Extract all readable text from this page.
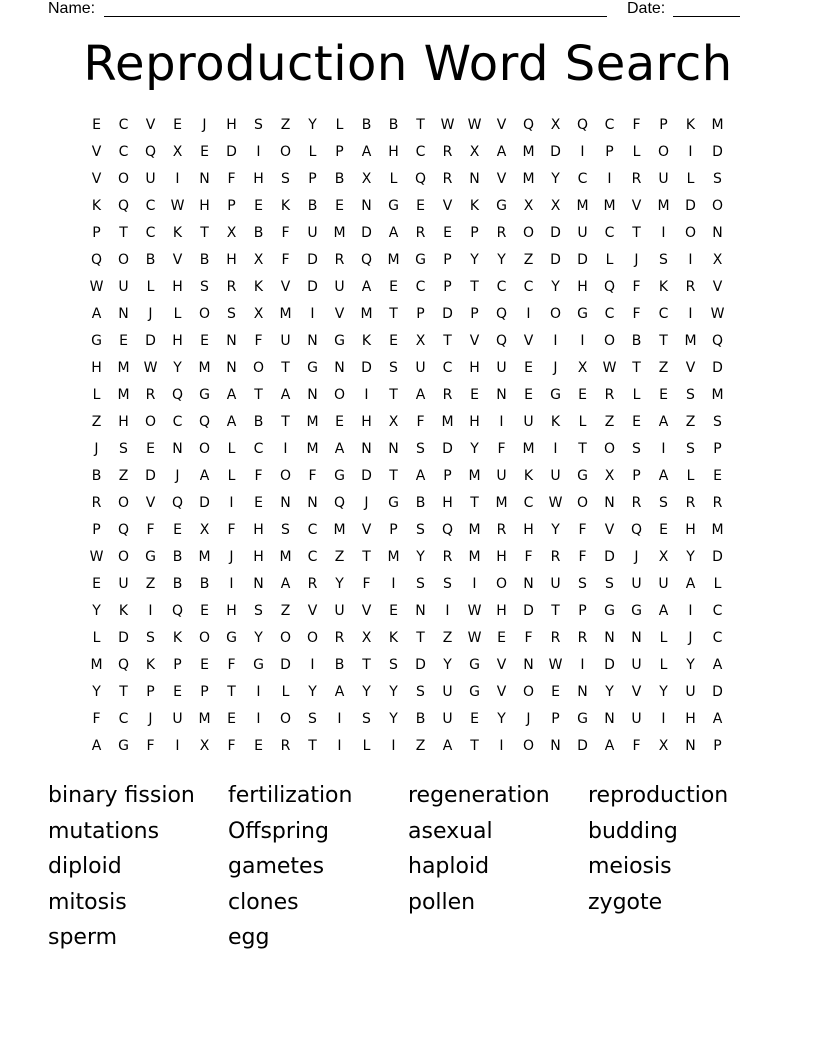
Name:	Date:
Reproduction Word Search
E	C	V	E	J	H	S	Z	Y	L	B	B	T	W	W	V	Q	X	Q	C	F	P	K	M
V	C	Q	X	E	D	I	O	L	P	A	H	C	R	X	A	M	D	I	P	L	O	I	D
V	O	U	I	N	F	H	S	P	B	X	L	Q	R	N	V	M	Y	C	I	R	U	L	S
K	Q	C	W	H	P	E	K	B	E	N	G	E	V	K	G	X	X	M	M	V	M	D	O
P	T	C	K	T	X	B	F	U	M	D	A	R	E	P	R	O	D	U	C	T	I	O	N
Q	O	B	V	B	H	X	F	D	R	Q	M	G	P	Y	Y	Z	D	D	L	J	S	I	X
W	U	L	H	S	R	K	V	D	U	A	E	C	P	T	C	C	Y	H	Q	F	K	R	V
A	N	J	L	O	S	X	M	I	V	M	T	P	D	P	Q	I	O	G	C	F	C	I	W
G	E	D	H	E	N	F	U	N	G	K	E	X	T	V	Q	V	I	I	O	B	T	M	Q
H	M	W	Y	M	N	O	T	G	N	D	S	U	C	H	U	E	J	X	W	T	Z	V	D
L	M	R	Q	G	A	T	A	N	O	I	T	A	R	E	N	E	G	E	R	L	E	S	M
Z	H	O	C	Q	A	B	T	M	E	H	X	F	M	H	I	U	K	L	Z	E	A	Z	S
J	S	E	N	O	L	C	I	M	A	N	N	S	D	Y	F	M	I	T	O	S	I	S	P
B	Z	D	J	A	L	F	O	F	G	D	T	A	P	M	U	K	U	G	X	P	A	L	E
R	O	V	Q	D	I	E	N	N	Q	J	G	B	H	T	M	C	W	O	N	R	S	R	R
P	Q	F	E	X	F	H	S	C	M	V	P	S	Q	M	R	H	Y	F	V	Q	E	H	M
W	O	G	B	M	J	H	M	C	Z	T	M	Y	R	M	H	F	R	F	D	J	X	Y	D
E	U	Z	B	B	I	N	A	R	Y	F	I	S	S	I	O	N	U	S	S	U	U	A	L
Y	K	I	Q	E	H	S	Z	V	U	V	E	N	I	W	H	D	T	P	G	G	A	I	C
L	D	S	K	O	G	Y	O	O	R	X	K	T	Z	W	E	F	R	R	N	N	L	J	C
M	Q	K	P	E	F	G	D	I	B	T	S	D	Y	G	V	N	W	I	D	U	L	Y	A
Y	T	P	E	P	T	I	L	Y	A	Y	Y	S	U	G	V	O	E	N	Y	V	Y	U	D
F	C	J	U	M	E	I	O	S	I	S	Y	B	U	E	Y	J	P	G	N	U	I	H	A
A	G	F	I	X	F	E	R	T	I	L	I	Z	A	T	I	O	N	D	A	F	X	N	P
binary fission	fertilization	regeneration	reproduction
mutations	Offspring	asexual	budding
diploid	gametes	haploid	meiosis
mitosis	clones	pollen	zygote
sperm	egg
